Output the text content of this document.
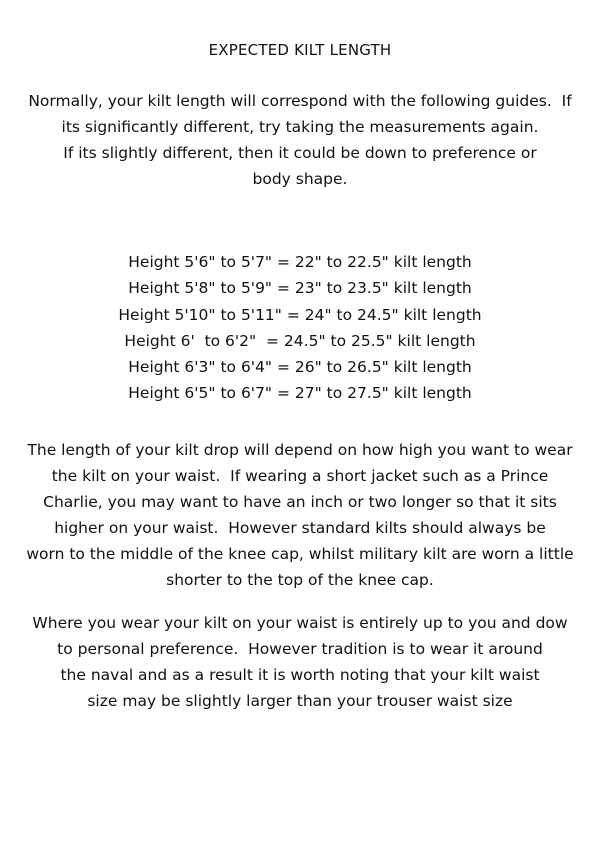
EXPECTED KILT LENGTH
Normally, your kilt length will correspond with the following guides.  If
its significantly different, try taking the measurements again.
If its slightly different, then it could be down to preference or
body shape.
Height 5'6" to 5'7" = 22" to 22.5" kilt length
Height 5'8" to 5'9" = 23" to 23.5" kilt length
Height 5'10" to 5'11" = 24" to 24.5" kilt length
Height 6'  to 6'2"  = 24.5" to 25.5" kilt length
Height 6'3" to 6'4" = 26" to 26.5" kilt length
Height 6'5" to 6'7" = 27" to 27.5" kilt length
The length of your kilt drop will depend on how high you want to wear
the kilt on your waist.  If wearing a short jacket such as a Prince
Charlie, you may want to have an inch or two longer so that it sits
higher on your waist.  However standard kilts should always be
worn to the middle of the knee cap, whilst military kilt are worn a little
shorter to the top of the knee cap.
Where you wear your kilt on your waist is entirely up to you and dow
to personal preference.  However tradition is to wear it around
the naval and as a result it is worth noting that your kilt waist
size may be slightly larger than your trouser waist size
